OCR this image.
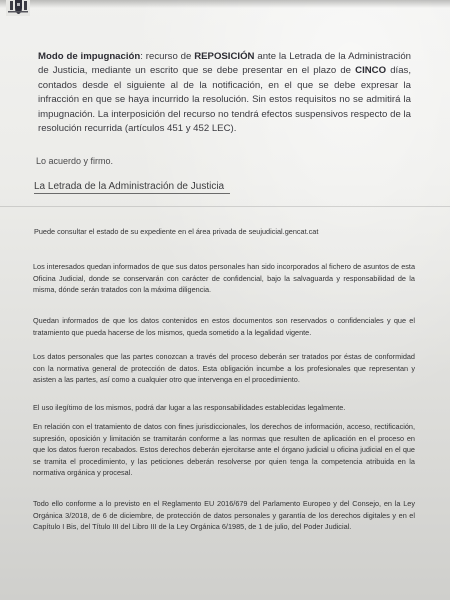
Modo de impugnación: recurso de REPOSICIÓN ante la Letrada de la Administración de Justicia, mediante un escrito que se debe presentar en el plazo de CINCO días, contados desde el siguiente al de la notificación, en el que se debe expresar la infracción en que se haya incurrido la resolución. Sin estos requisitos no se admitirá la impugnación. La interposición del recurso no tendrá efectos suspensivos respecto de la resolución recurrida (artículos 451 y 452 LEC).

Lo acuerdo y firmo.
La Letrada de la Administración de Justicia

Puede consultar el estado de su expediente en el área privada de seujudicial.gencat.cat

Los interesados quedan informados de que sus datos personales han sido incorporados al fichero de asuntos de esta Oficina Judicial, donde se conservarán con carácter de confidencial, bajo la salvaguarda y responsabilidad de la misma, dónde serán tratados con la máxima diligencia.

Quedan informados de que los datos contenidos en estos documentos son reservados o confidenciales y que el tratamiento que pueda hacerse de los mismos, queda sometido a la legalidad vigente.

Los datos personales que las partes conozcan a través del proceso deberán ser tratados por éstas de conformidad con la normativa general de protección de datos. Esta obligación incumbe a los profesionales que representan y asisten a las partes, así como a cualquier otro que intervenga en el procedimiento.

El uso ilegítimo de los mismos, podrá dar lugar a las responsabilidades establecidas legalmente.

En relación con el tratamiento de datos con fines jurisdiccionales, los derechos de información, acceso, rectificación, supresión, oposición y limitación se tramitarán conforme a las normas que resulten de aplicación en el proceso en que los datos fueron recabados. Estos derechos deberán ejercitarse ante el órgano judicial u oficina judicial en el que se tramita el procedimiento, y las peticiones deberán resolverse por quien tenga la competencia atribuida en la normativa orgánica y procesal.

Todo ello conforme a lo previsto en el Reglamento EU 2016/679 del Parlamento Europeo y del Consejo, en la Ley Orgánica 3/2018, de 6 de diciembre, de protección de datos personales y garantía de los derechos digitales y en el Capítulo I Bis, del Título III del Libro III de la Ley Orgánica 6/1985, de 1 de julio, del Poder Judicial.
